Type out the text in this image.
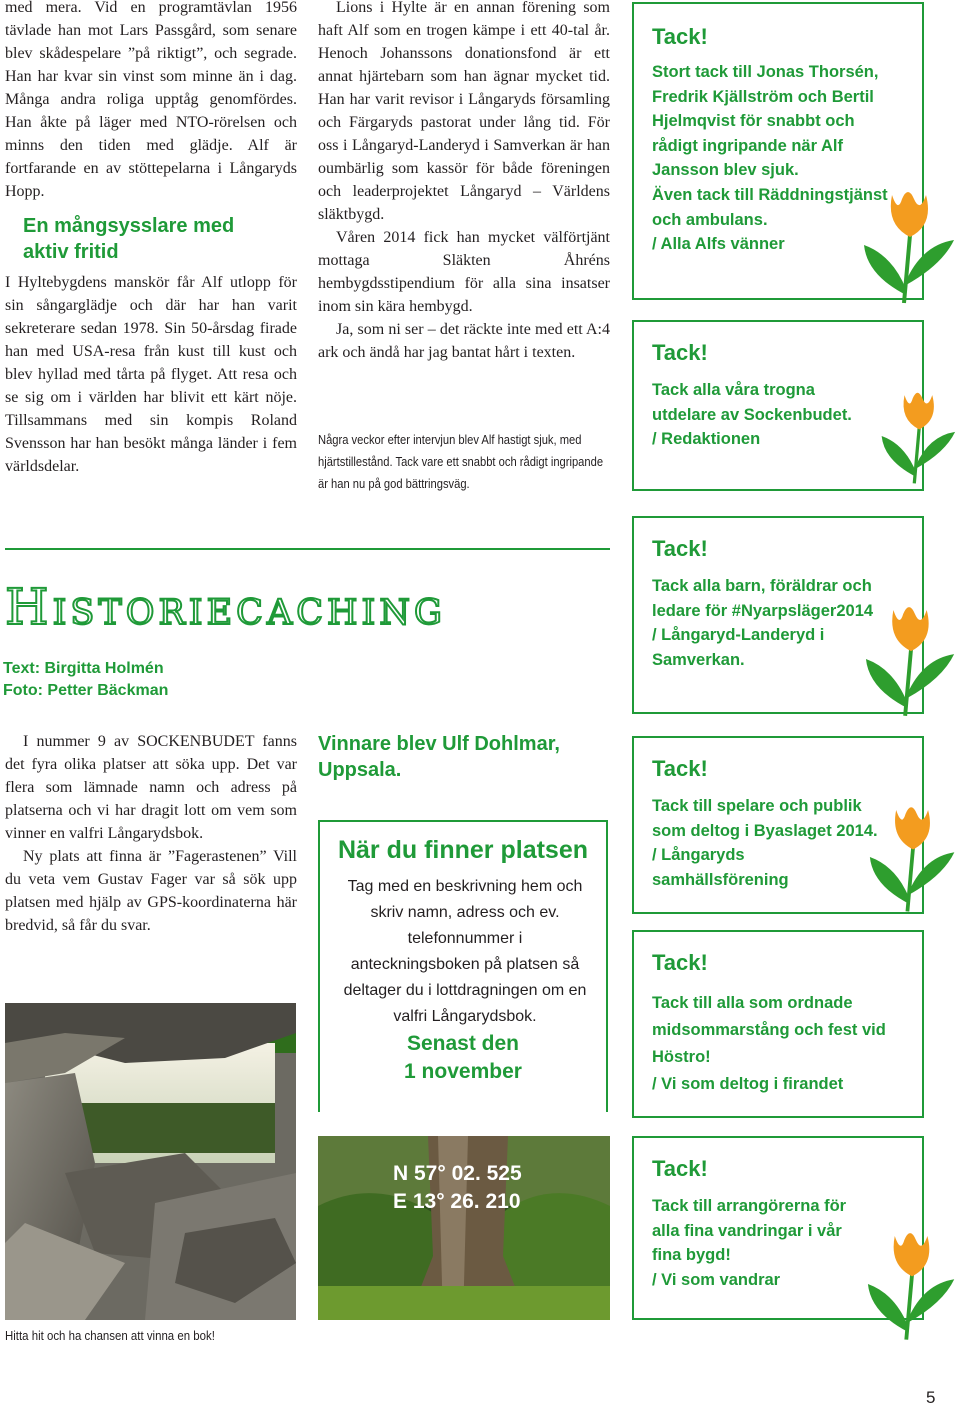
med mera. Vid en programtävlan 1956 tävlade han mot Lars Passgård, som senare blev skådespelare ”på riktigt”, och segrade. Han har kvar sin vinst som minne än i dag. Många andra roliga upptåg genomfördes. Han åkte på läger med NTO-rörelsen och minns den tiden med glädje. Alf är fortfarande en av stöttepelarna i Långaryds Hopp.

En mångsysslare med aktiv fritid

I Hyltebygdens manskör får Alf utlopp för sin sångarglädje och där har han varit sekreterare sedan 1978. Sin 50-årsdag firade han med USA-resa från kust till kust och blev hyllad med tårta på flyget. Att resa och se sig om i världen har blivit ett kärt nöje. Tillsammans med sin kompis Roland Svensson har han besökt många länder i fem världsdelar.

Lions i Hylte är en annan förening som haft Alf som en trogen kämpe i ett 40-tal år. Henoch Johanssons donationsfond är ett annat hjärtebarn som han ägnar mycket tid. Han har varit revisor i Långaryds församling och Färgaryds pastorat under lång tid. För oss i Långaryd-Landeryd i Samverkan är han oumbärlig som kassör för både föreningen och leaderprojektet Långaryd – Världens släktbygd.

Våren 2014 fick han mycket välförtjänt mottaga Släkten Åhréns hembygdsstipendium för alla sina insatser inom sin kära hembygd.

Ja, som ni ser – det räckte inte med ett A:4 ark och ändå har jag bantat hårt i texten.

Några veckor efter intervjun blev Alf hastigt sjuk, med hjärtstillestånd. Tack vare ett snabbt och rådigt ingripande är han nu på god bättringsväg.
Historiecaching
Text: Birgitta Holmén
Foto: Petter Bäckman

I nummer 9 av SOCKENBUDET fanns det fyra olika platser att söka upp. Det var flera som lämnade namn och adress på platserna och vi har dragit lott om vem som vinner en valfri Långarydsbok.

Ny plats att finna är ”Fagerastenen” Vill du veta vem Gustav Fager var så sök upp platsen med hjälp av GPS-koordinaterna här bredvid, så får du svar.

Vinnare blev Ulf Dohlmar, Uppsala.
När du finner platsen
Tag med en beskrivning hem och skriv namn, adress och ev. telefonnummer i anteckningsboken på platsen så deltager du i lottdragningen om en valfri Långarydsbok.
Senast den
1 november
Hitta hit och ha chansen att vinna en bok!
N 57° 02. 525
E 13° 26. 210
Tack!
Stort tack till Jonas Thorsén,
Fredrik Kjällström och Bertil
Hjelmqvist för snabbt och
rådigt ingripande när Alf
Jansson blev sjuk.
Även tack till Räddningstjänst
och ambulans.
/ Alla Alfs vänner
Tack!
Tack alla våra trogna
utdelare av Sockenbudet.
/ Redaktionen
Tack!
Tack alla barn, föräldrar och
ledare för #Nyarpsläger2014
/ Långaryd-Landeryd i
Samverkan.
Tack!
Tack till spelare och publik
som deltog i Byaslaget 2014.
/ Långaryds
samhällsförening
Tack!
Tack till alla som ordnade
midsommarstång och fest vid
Höstro!
/ Vi som deltog i firandet
Tack!
Tack till arrangörerna för
alla fina vandringar i vår
fina bygd!
/ Vi som vandrar
5
